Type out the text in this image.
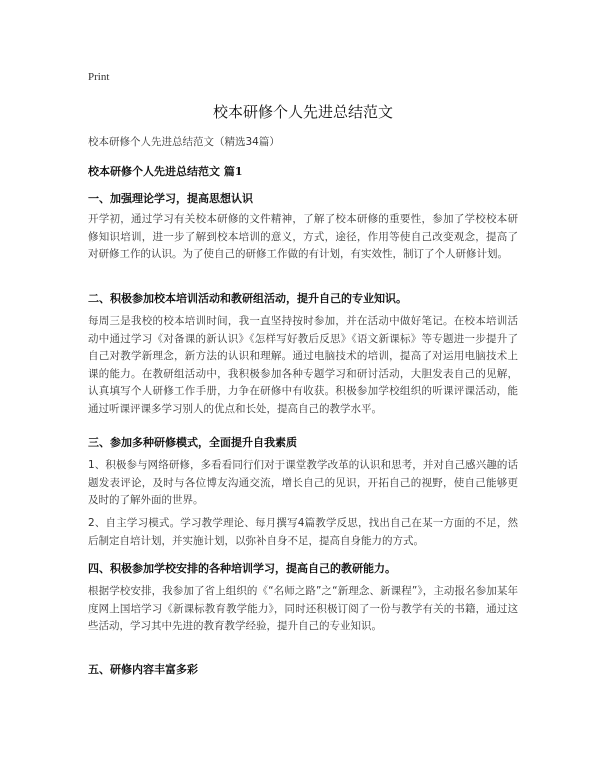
Print
校本研修个人先进总结范文
校本研修个人先进总结范文（精选34篇）
校本研修个人先进总结范文 篇1
一、加强理论学习，提高思想认识

开学初，通过学习有关校本研修的文件精神，了解了校本研修的重要性，参加了学校校本研修知识培训，进一步了解到校本培训的意义，方式，途径，作用等使自己改变观念，提高了对研修工作的认识。为了使自己的研修工作做的有计划，有实效性，制订了个人研修计划。

二、积极参加校本培训活动和教研组活动，提升自己的专业知识。

每周三是我校的校本培训时间，我一直坚持按时参加，并在活动中做好笔记。在校本培训活动中通过学习《对备课的新认识》《怎样写好教后反思》《语文新课标》等专题进一步提升了自己对教学新理念，新方法的认识和理解。通过电脑技术的培训，提高了对运用电脑技术上课的能力。在教研组活动中，我积极参加各种专题学习和研讨活动，大胆发表自己的见解，认真填写个人研修工作手册，力争在研修中有收获。积极参加学校组织的听课评课活动，能通过听课评课多学习别人的优点和长处，提高自己的教学水平。

三、参加多种研修模式，全面提升自我素质

1、积极参与网络研修，多看看同行们对于课堂教学改革的认识和思考，并对自己感兴趣的话题发表评论，及时与各位博友沟通交流，增长自己的见识，开拓自己的视野，使自己能够更及时的了解外面的世界。

2、自主学习模式。学习教学理论、每月撰写4篇教学反思，找出自己在某一方面的不足，然后制定自培计划，并实施计划，以弥补自身不足，提高自身能力的方式。

四、积极参加学校安排的各种培训学习，提高自己的教研能力。

根据学校安排，我参加了省上组织的《“名师之路”之“新理念、新课程”》，主动报名参加某年度网上国培学习《新课标教育教学能力》，同时还积极订阅了一份与教学有关的书籍，通过这些活动，学习其中先进的教育教学经验，提升自己的专业知识。

五、研修内容丰富多彩
